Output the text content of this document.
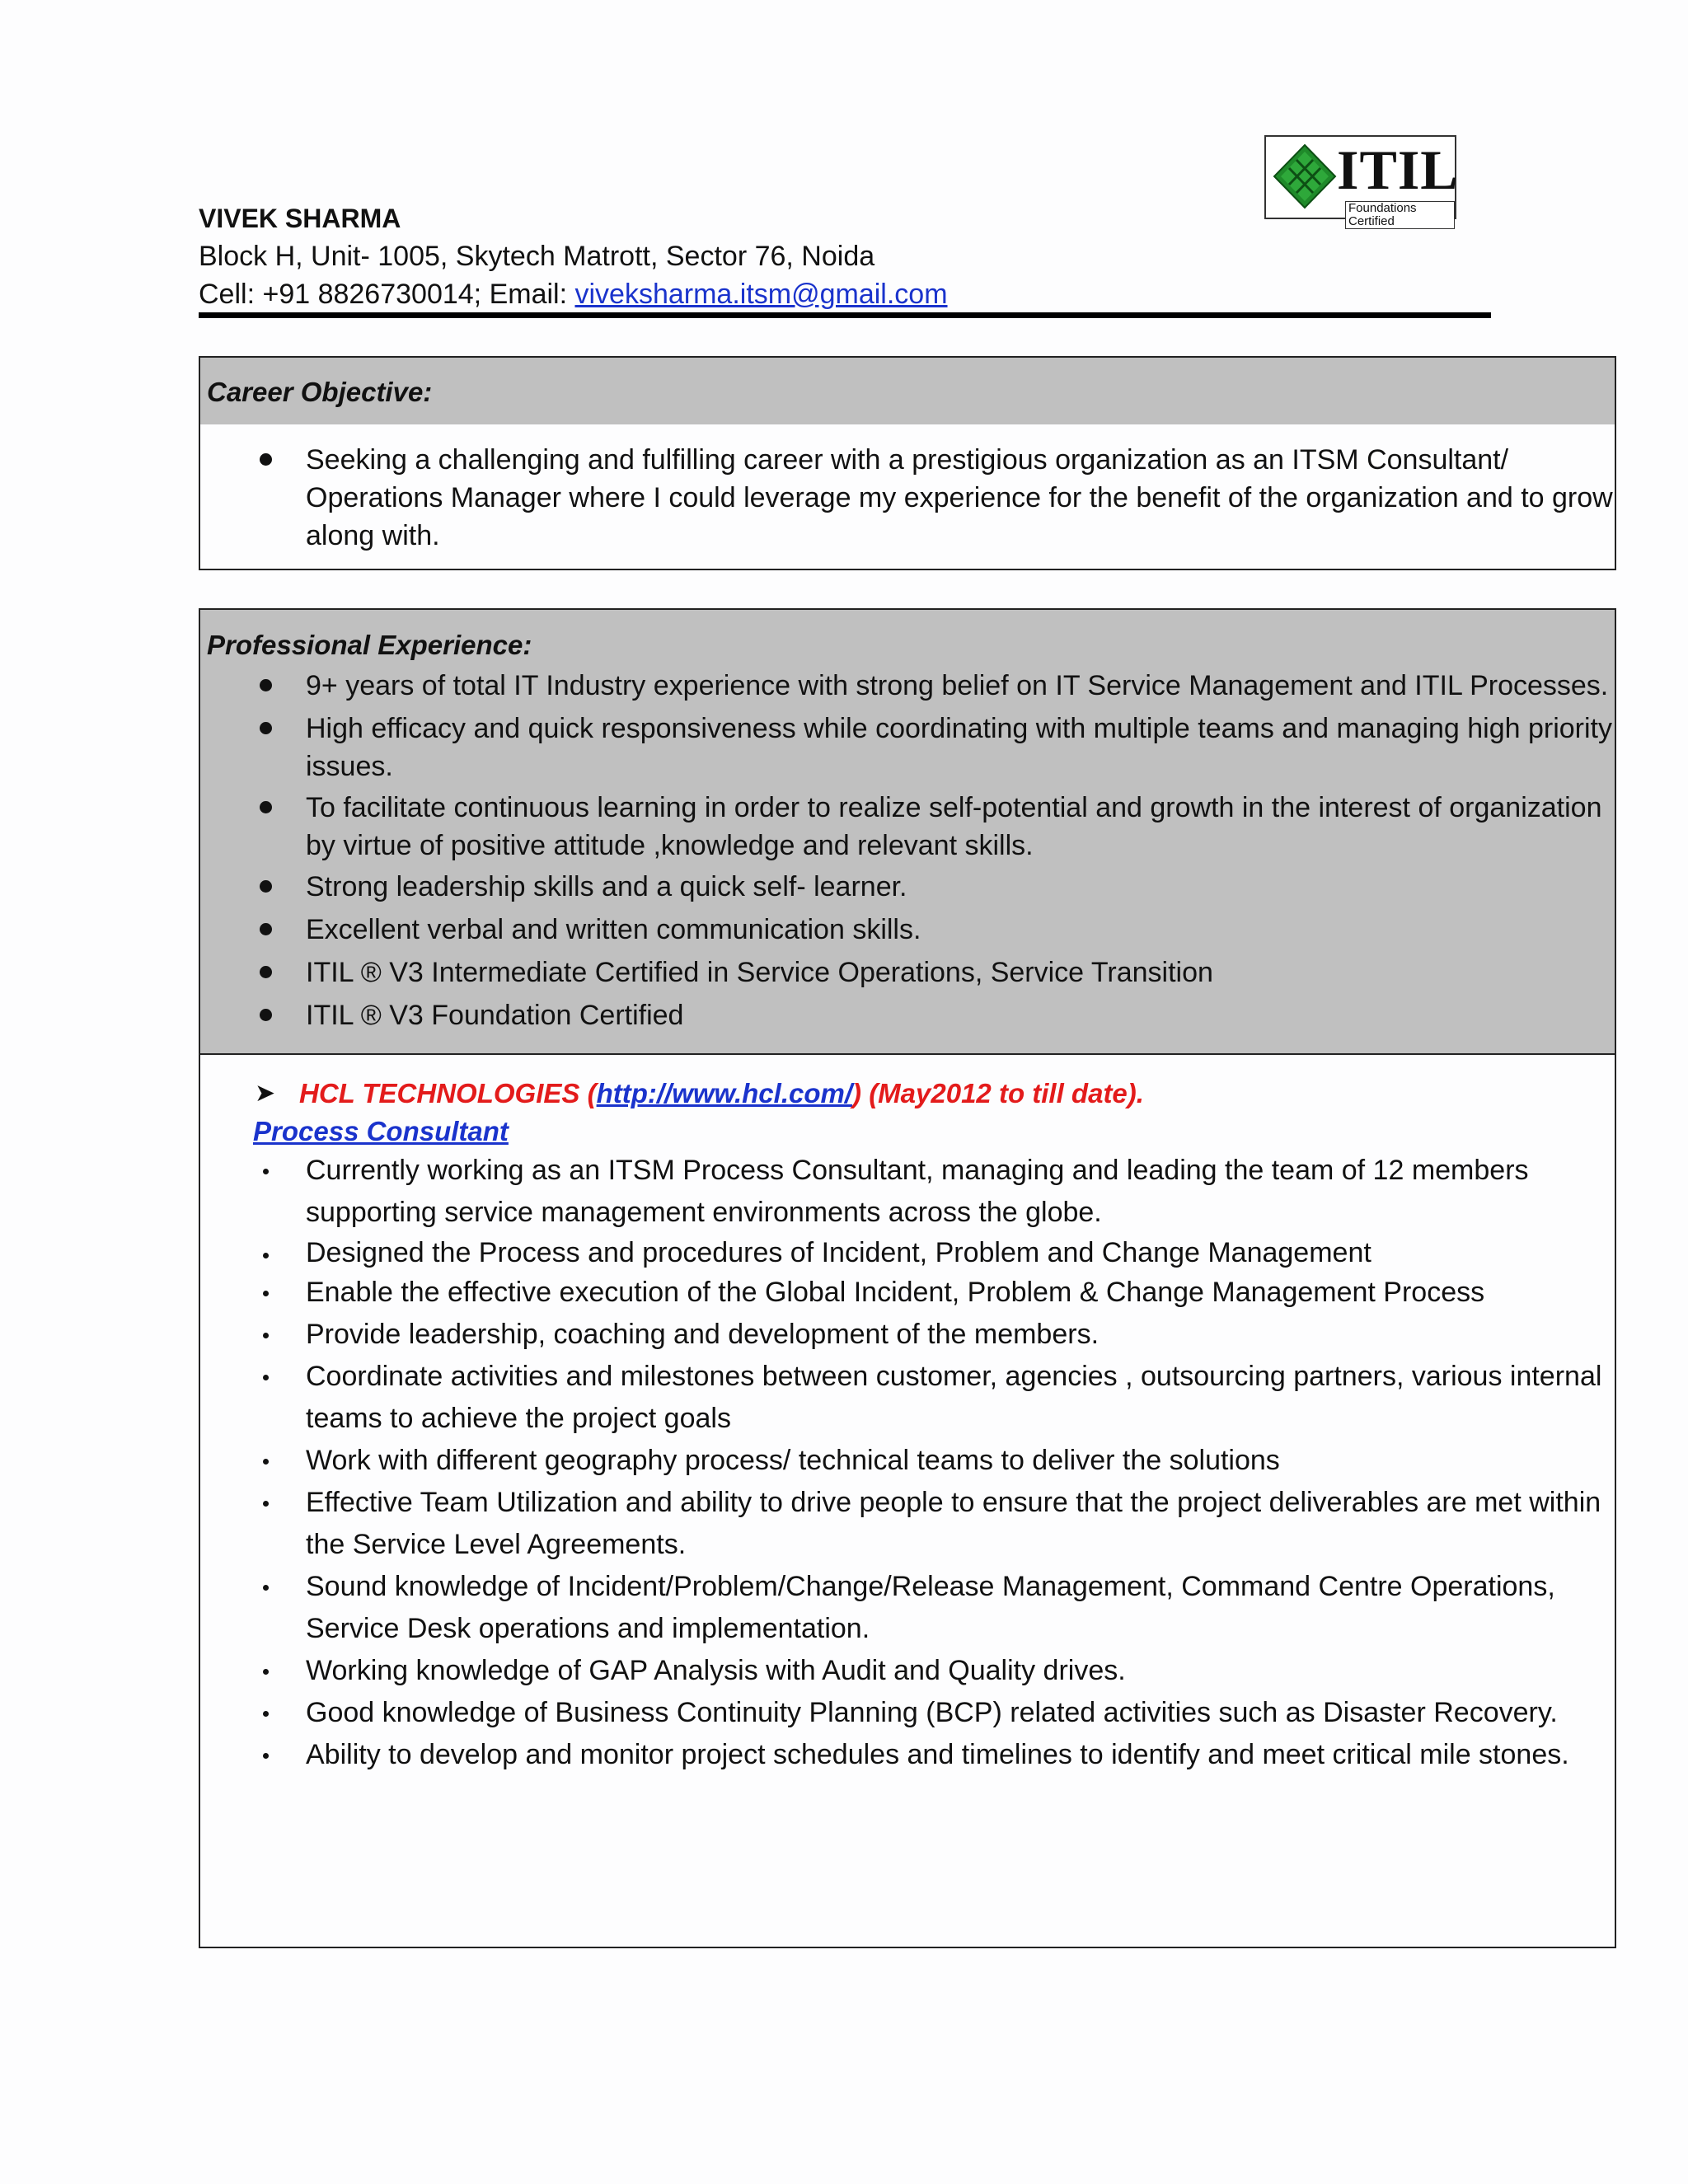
ITIL
Foundations Certified
VIVEK SHARMA
Block H, Unit- 1005, Skytech Matrott, Sector 76, Noida
Cell: +91 8826730014; Email: viveksharma.itsm@gmail.com
Career Objective:
Seeking a challenging and fulfilling career with a prestigious organization as an ITSM Consultant/ Operations Manager where I could leverage my experience for the benefit of the organization and to grow along with.
Professional Experience:
9+ years of total IT Industry experience with strong belief on IT Service Management and ITIL Processes.
High efficacy and quick responsiveness while coordinating with multiple teams and managing high priority issues.
To facilitate continuous learning in order to realize self-potential and growth in the interest of organization by virtue of positive attitude ,knowledge and relevant skills.
Strong leadership skills and a quick self- learner.
Excellent verbal and written communication skills.
ITIL ® V3 Intermediate Certified in Service Operations, Service Transition
ITIL ® V3 Foundation Certified
➤ HCL TECHNOLOGIES (http://www.hcl.com/) (May2012 to till date).
Process Consultant
Currently working as an ITSM Process Consultant, managing and leading the team of 12 members supporting service management environments across the globe.
Designed the Process and procedures of Incident, Problem and Change Management
Enable the effective execution of the Global Incident, Problem & Change Management Process
Provide leadership, coaching and development of the members.
Coordinate activities and milestones between customer, agencies , outsourcing partners, various internal teams to achieve the project goals
Work with different geography process/ technical teams to deliver the solutions
Effective Team Utilization and ability to drive people to ensure that the project deliverables are met within the Service Level Agreements.
Sound knowledge of Incident/Problem/Change/Release Management, Command Centre Operations, Service Desk operations and implementation.
Working knowledge of GAP Analysis with Audit and Quality drives.
Good knowledge of Business Continuity Planning (BCP) related activities such as Disaster Recovery.
Ability to develop and monitor project schedules and timelines to identify and meet critical mile stones.
